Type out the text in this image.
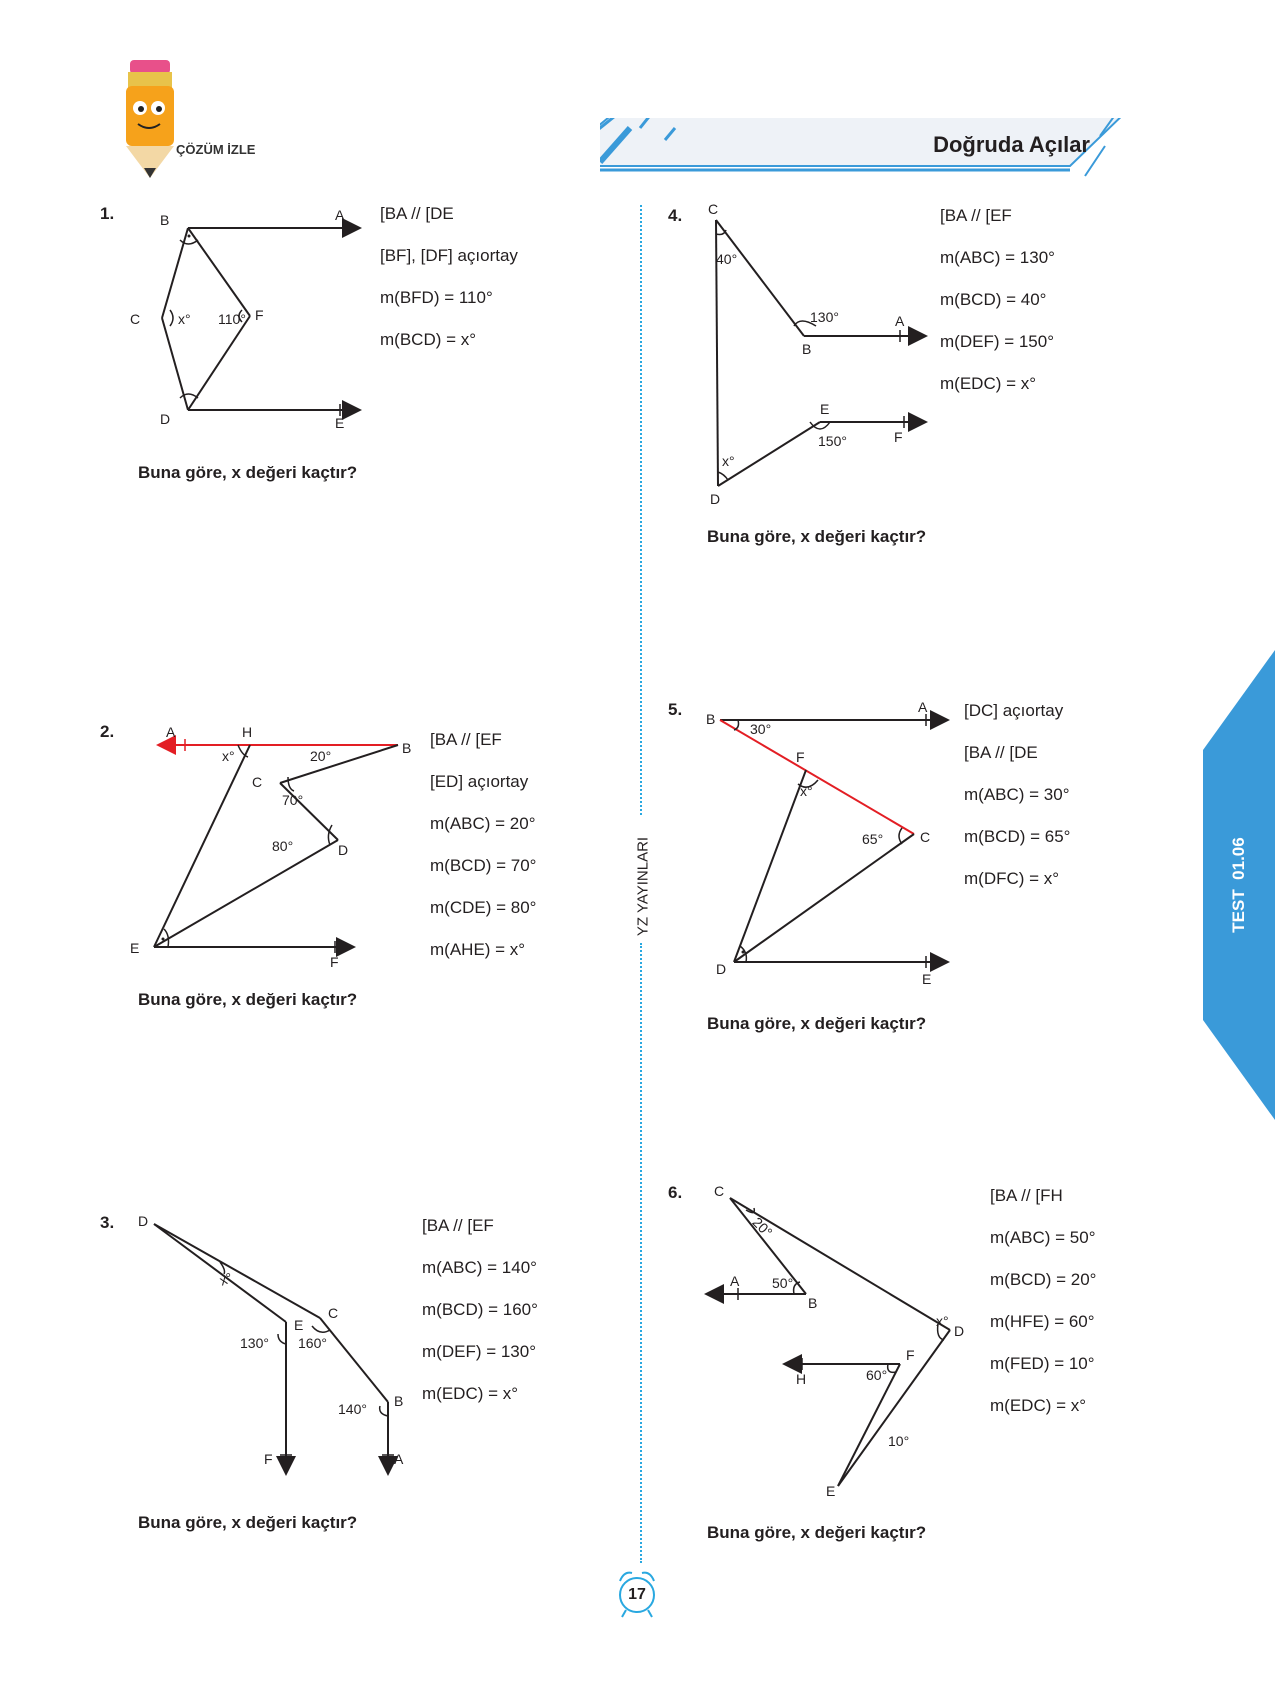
ÇÖZÜM İZLE	Doğruda Açılar
YZ YAYINLARI	TEST  01.06
17
1.	B	A
C	x° 110° F
D	E
[BA // [DE
[BF], [DF] açıortay
m(BFD) = 110°
m(BCD) = x°
Buna göre, x değeri kaçtır?
2.	A	H
B
x°	20°
C
70°
80°	D
E
F
[BA // [EF
[ED] açıortay
m(ABC) = 20°
m(BCD) = 70°
m(CDE) = 80°
m(AHE) = x°
Buna göre, x değeri kaçtır?
3. D
x°
E
C
130° 160°
140° B
F	A
[BA // [EF
m(ABC) = 140°
m(BCD) = 160°
m(DEF) = 130°
m(EDC) = x°
Buna göre, x değeri kaçtır?
4. C
40°
130°	A
B
E
150°	F
x°
D
[BA // [EF
m(ABC) = 130°
m(BCD) = 40°
m(DEF) = 150°
m(EDC) = x°
Buna göre, x değeri kaçtır?
5. B
30°
A
F
x°
65°	C
D
E
[DC] açıortay
[BA // [DE
m(ABC) = 30°
m(BCD) = 65°
m(DFC) = x°
Buna göre, x değeri kaçtır?
6. C
20°
A 50°
B
x°
D
F
60°
H
10°
E
[BA // [FH
m(ABC) = 50°
m(BCD) = 20°
m(HFE) = 60°
m(FED) = 10°
m(EDC) = x°
Buna göre, x değeri kaçtır?
